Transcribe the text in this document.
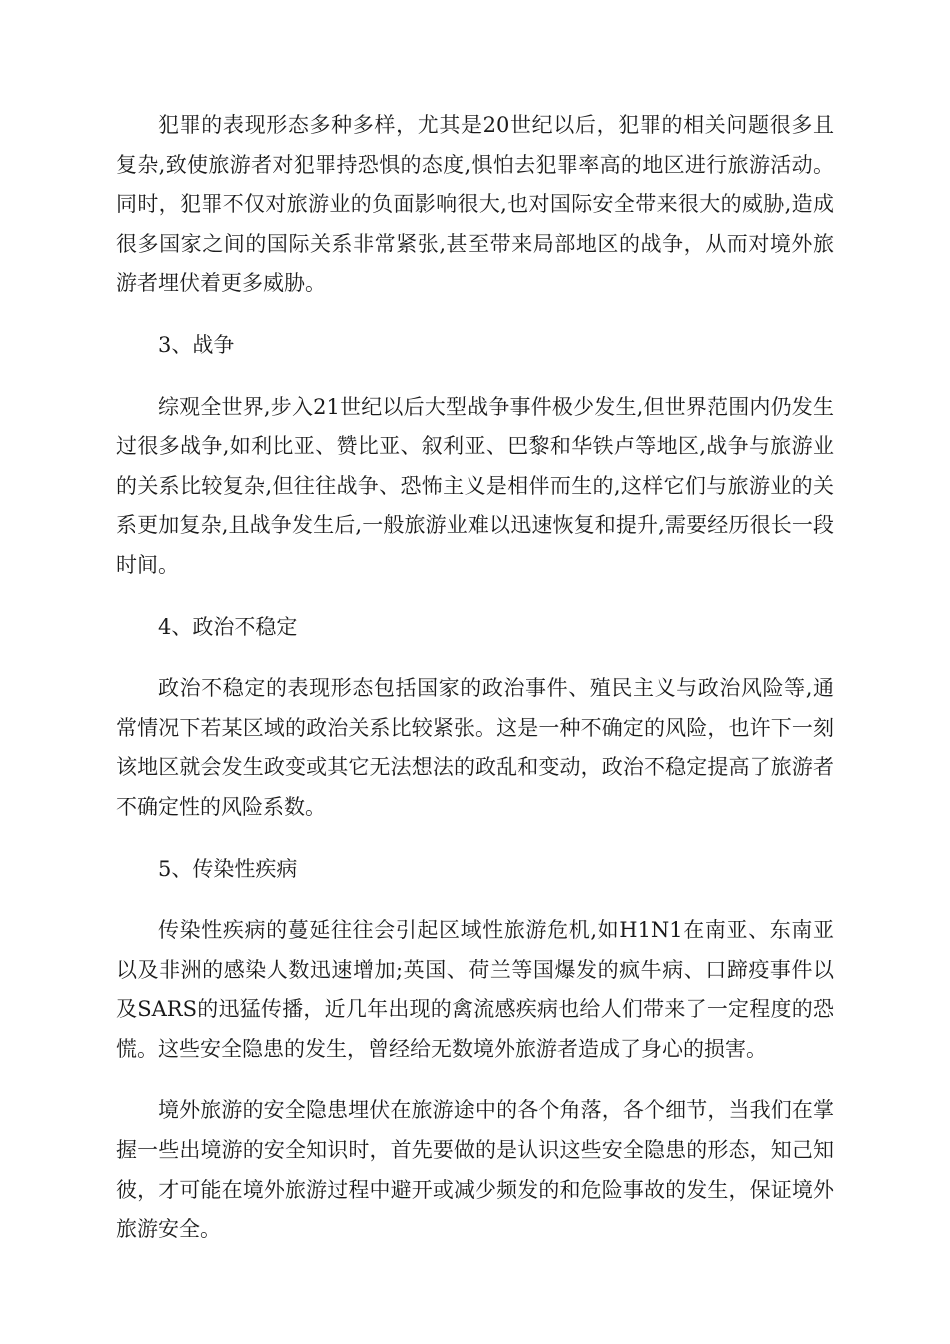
犯罪的表现形态多种多样，尤其是20世纪以后，犯罪的相关问题很多且复杂,致使旅游者对犯罪持恐惧的态度,惧怕去犯罪率高的地区进行旅游活动。同时，犯罪不仅对旅游业的负面影响很大,也对国际安全带来很大的威胁,造成很多国家之间的国际关系非常紧张,甚至带来局部地区的战争，从而对境外旅游者埋伏着更多威胁。

3、战争

综观全世界,步入21世纪以后大型战争事件极少发生,但世界范围内仍发生过很多战争,如利比亚、赞比亚、叙利亚、巴黎和华铁卢等地区,战争与旅游业的关系比较复杂,但往往战争、恐怖主义是相伴而生的,这样它们与旅游业的关系更加复杂,且战争发生后,一般旅游业难以迅速恢复和提升,需要经历很长一段时间。

4、政治不稳定

政治不稳定的表现形态包括国家的政治事件、殖民主义与政治风险等,通常情况下若某区域的政治关系比较紧张。这是一种不确定的风险，也许下一刻该地区就会发生政变或其它无法想法的政乱和变动，政治不稳定提高了旅游者不确定性的风险系数。

5、传染性疾病

传染性疾病的蔓延往往会引起区域性旅游危机,如H1N1在南亚、东南亚以及非洲的感染人数迅速增加;英国、荷兰等国爆发的疯牛病、口蹄疫事件以及SARS的迅猛传播，近几年出现的禽流感疾病也给人们带来了一定程度的恐慌。这些安全隐患的发生，曾经给无数境外旅游者造成了身心的损害。

境外旅游的安全隐患埋伏在旅游途中的各个角落，各个细节，当我们在掌握一些出境游的安全知识时，首先要做的是认识这些安全隐患的形态，知己知彼，才可能在境外旅游过程中避开或减少频发的和危险事故的发生，保证境外旅游安全。
